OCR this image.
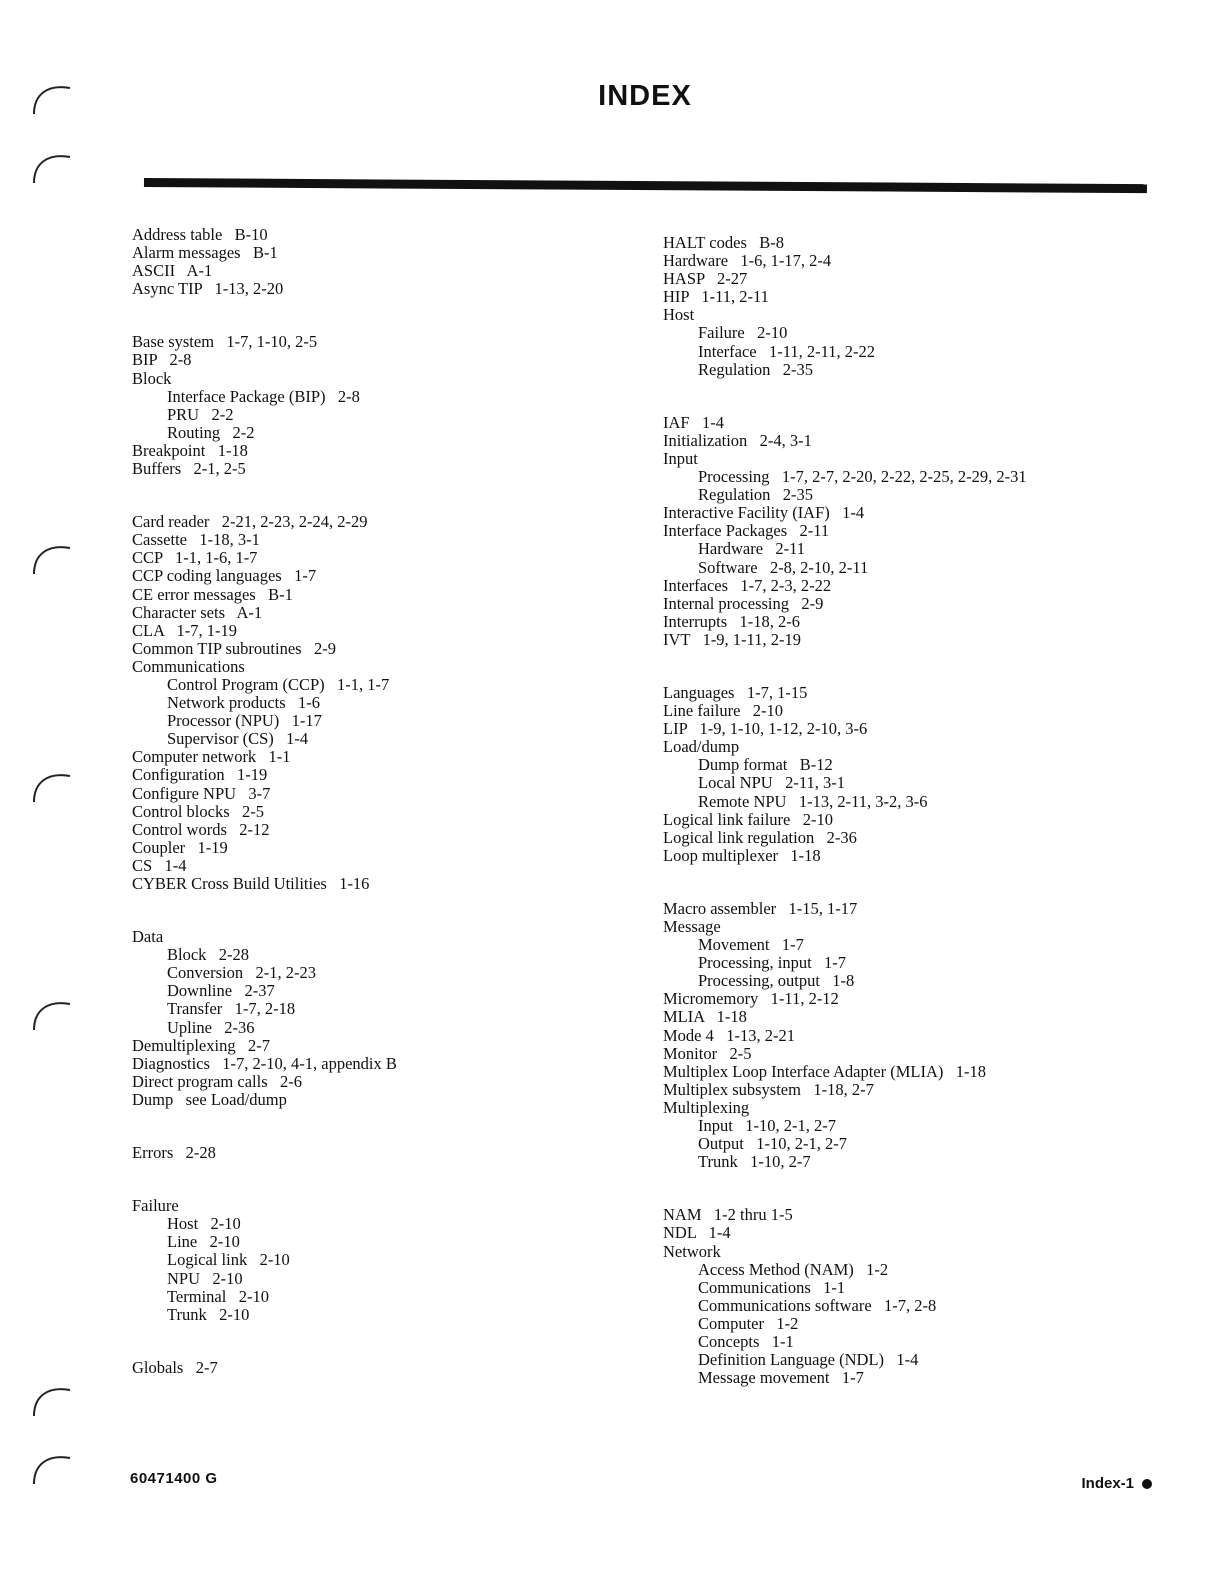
INDEX
Address table   B-10
Alarm messages   B-1
ASCII   A-1
Async TIP   1-13, 2-20
Base system   1-7, 1-10, 2-5
BIP   2-8
Block
Interface Package (BIP)   2-8
PRU   2-2
Routing   2-2
Breakpoint   1-18
Buffers   2-1, 2-5
Card reader   2-21, 2-23, 2-24, 2-29
Cassette   1-18, 3-1
CCP   1-1, 1-6, 1-7
CCP coding languages   1-7
CE error messages   B-1
Character sets   A-1
CLA   1-7, 1-19
Common TIP subroutines   2-9
Communications
Control Program (CCP)   1-1, 1-7
Network products   1-6
Processor (NPU)   1-17
Supervisor (CS)   1-4
Computer network   1-1
Configuration   1-19
Configure NPU   3-7
Control blocks   2-5
Control words   2-12
Coupler   1-19
CS   1-4
CYBER Cross Build Utilities   1-16
Data
Block   2-28
Conversion   2-1, 2-23
Downline   2-37
Transfer   1-7, 2-18
Upline   2-36
Demultiplexing   2-7
Diagnostics   1-7, 2-10, 4-1, appendix B
Direct program calls   2-6
Dump   see Load/dump
Errors   2-28
Failure
Host   2-10
Line   2-10
Logical link   2-10
NPU   2-10
Terminal   2-10
Trunk   2-10
Globals   2-7
HALT codes   B-8
Hardware   1-6, 1-17, 2-4
HASP   2-27
HIP   1-11, 2-11
Host
Failure   2-10
Interface   1-11, 2-11, 2-22
Regulation   2-35
IAF   1-4
Initialization   2-4, 3-1
Input
Processing   1-7, 2-7, 2-20, 2-22, 2-25, 2-29, 2-31
Regulation   2-35
Interactive Facility (IAF)   1-4
Interface Packages   2-11
Hardware   2-11
Software   2-8, 2-10, 2-11
Interfaces   1-7, 2-3, 2-22
Internal processing   2-9
Interrupts   1-18, 2-6
IVT   1-9, 1-11, 2-19
Languages   1-7, 1-15
Line failure   2-10
LIP   1-9, 1-10, 1-12, 2-10, 3-6
Load/dump
Dump format   B-12
Local NPU   2-11, 3-1
Remote NPU   1-13, 2-11, 3-2, 3-6
Logical link failure   2-10
Logical link regulation   2-36
Loop multiplexer   1-18
Macro assembler   1-15, 1-17
Message
Movement   1-7
Processing, input   1-7
Processing, output   1-8
Micromemory   1-11, 2-12
MLIA   1-18
Mode 4   1-13, 2-21
Monitor   2-5
Multiplex Loop Interface Adapter (MLIA)   1-18
Multiplex subsystem   1-18, 2-7
Multiplexing
Input   1-10, 2-1, 2-7
Output   1-10, 2-1, 2-7
Trunk   1-10, 2-7
NAM   1-2 thru 1-5
NDL   1-4
Network
Access Method (NAM)   1-2
Communications   1-1
Communications software   1-7, 2-8
Computer   1-2
Concepts   1-1
Definition Language (NDL)   1-4
Message movement   1-7
60471400 G	Index-1
